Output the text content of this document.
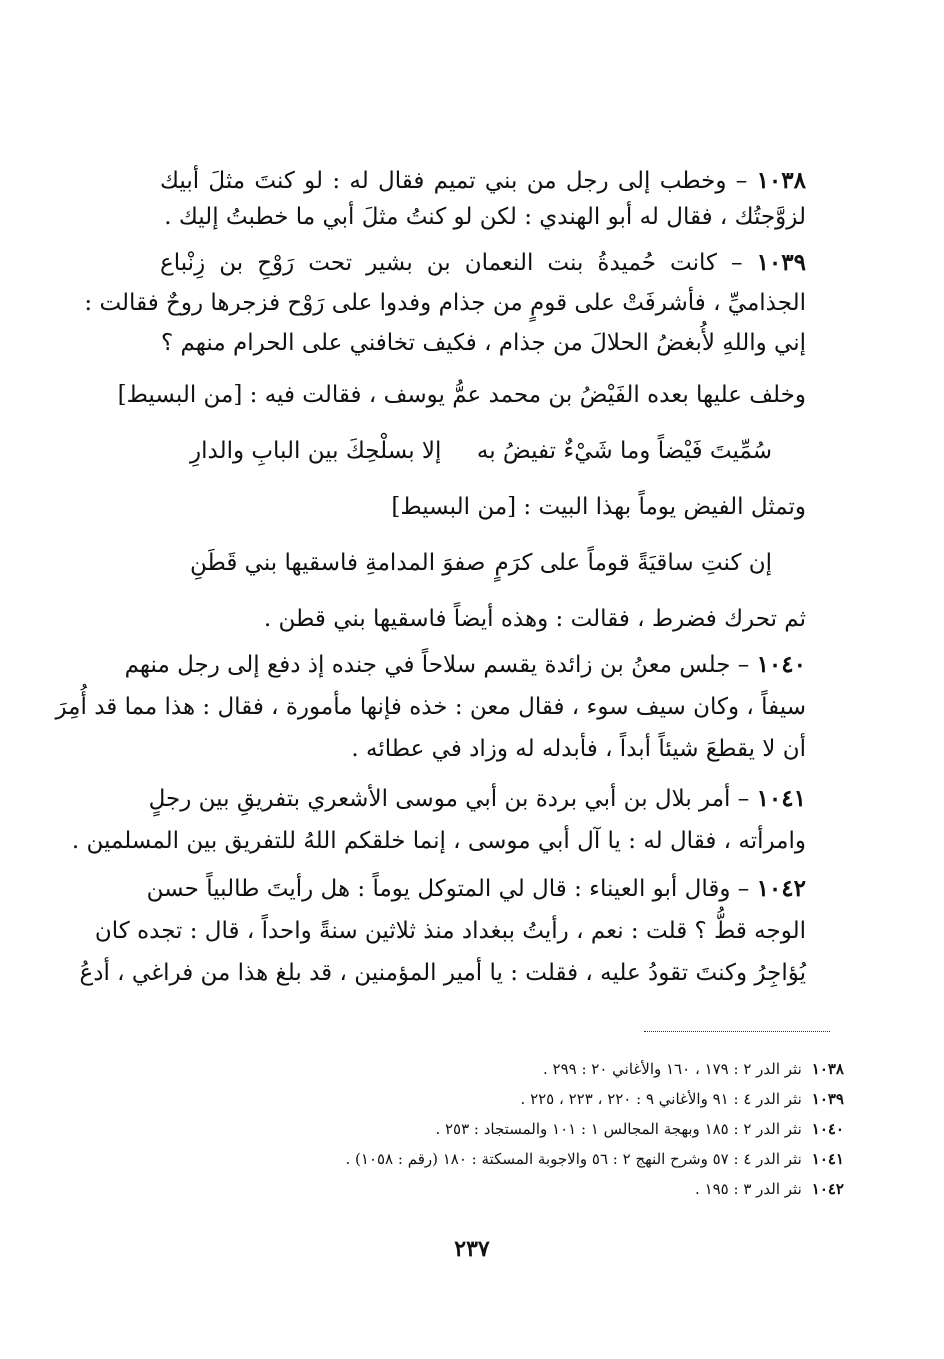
١٠٣٨ – وخطب إلى رجل من بني تميم فقال له : لو كنتَ مثلَ أبيك
لزوَّجتُك ، فقال له أبو الهندي : لكن لو كنتُ مثلَ أبي ما خطبتُ إليك .
١٠٣٩ – كانت حُميدةُ بنت النعمان بن بشير تحت رَوْحِ بن زِنْباع
الجذاميِّ ، فأشرفَتْ على قومٍ من جذام وفدوا على رَوْح فزجرها روحٌ فقالت :
إني واللهِ لأُبغضُ الحلالَ من جذام ، فكيف تخافني على الحرام منهم ؟
وخلف عليها بعده الفَيْضُ بن محمد عمُّ يوسف ، فقالت فيه : [من البسيط]
سُمِّيتَ فَيْضاً وما شَيْءٌ تفيضُ به
إلا بسلْحِكَ بين البابِ والدارِ
وتمثل الفيض يوماً بهذا البيت : [من البسيط]
إن كنتِ ساقيَةً قوماً على كرَمٍ
صفوَ المدامةِ فاسقيها بني قَطَنِ
ثم تحرك فضرط ، فقالت : وهذه أيضاً فاسقيها بني قطن .
١٠٤٠ – جلس معنُ بن زائدة يقسم سلاحاً في جنده إذ دفع إلى رجل منهم
سيفاً ، وكان سيف سوء ، فقال معن : خذه فإنها مأمورة ، فقال : هذا مما قد أُمِرَ
أن لا يقطعَ شيئاً أبداً ، فأبدله له وزاد في عطائه .
١٠٤١ – أمر بلال بن أبي بردة بن أبي موسى الأشعري بتفريقِ بين رجلٍ
وامرأته ، فقال له : يا آل أبي موسى ، إنما خلقكم اللهُ للتفريق بين المسلمين .
١٠٤٢ – وقال أبو العيناء : قال لي المتوكل يوماً : هل رأيتَ طالبياً حسن
الوجه قطُّ ؟ قلت : نعم ، رأيتُ ببغداد منذ ثلاثين سنةً واحداً ، قال : تجده كان
يُؤاجِرُ وكنتَ تقودُ عليه ، فقلت : يا أمير المؤمنين ، قد بلغ هذا من فراغي ، أدعُ
١٠٣٨نثر الدر ٢ : ١٧٩ ، ١٦٠ والأغاني ٢٠ : ٢٩٩ .
١٠٣٩نثر الدر ٤ : ٩١ والأغاني ٩ : ٢٢٠ ، ٢٢٣ ، ٢٢٥ .
١٠٤٠نثر الدر ٢ : ١٨٥ وبهجة المجالس ١ : ١٠١ والمستجاد : ٢٥٣ .
١٠٤١نثر الدر ٤ : ٥٧ وشرح النهج ٢ : ٥٦ والاجوبة المسكتة : ١٨٠ (رقم : ١٠٥٨) .
١٠٤٢نثر الدر ٣ : ١٩٥ .
٢٣٧
